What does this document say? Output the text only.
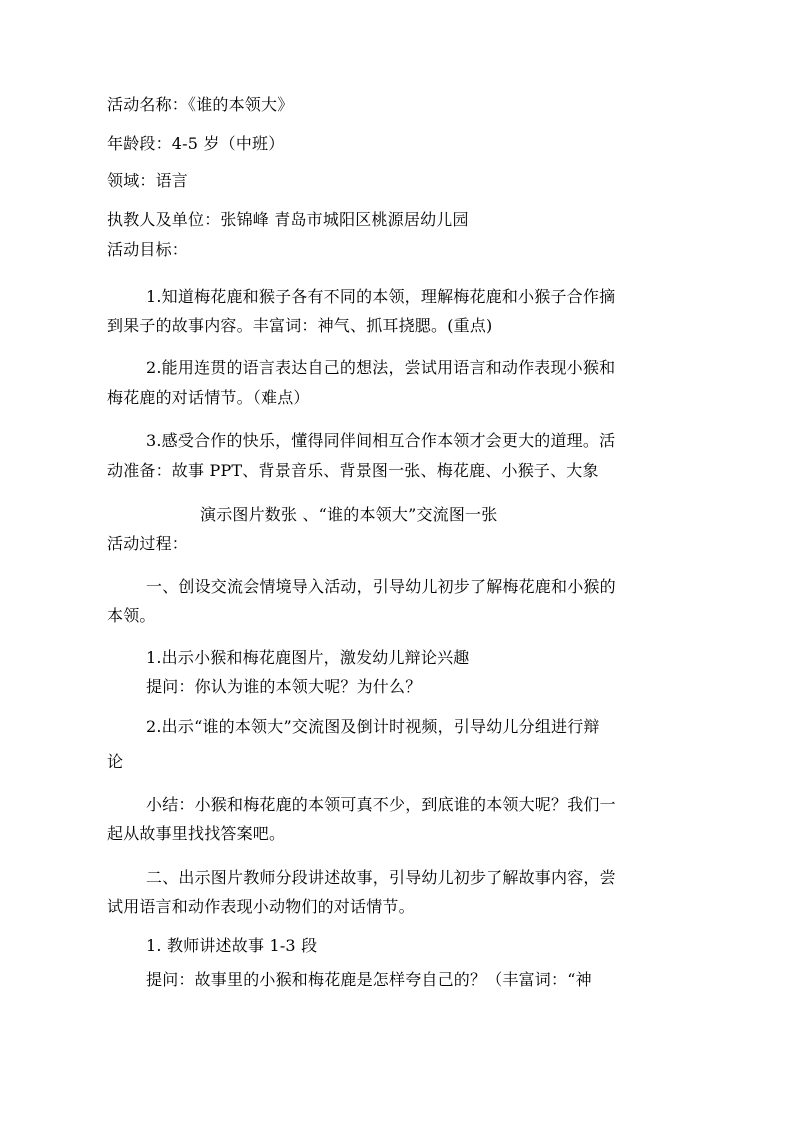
活动名称：《谁的本领大》
年龄段：4-5 岁（中班）
领域：语言
执教人及单位：张锦峰 青岛市城阳区桃源居幼儿园
活动目标：
1.知道梅花鹿和猴子各有不同的本领，理解梅花鹿和小猴子合作摘
到果子的故事内容。丰富词：神气、抓耳挠腮。(重点)
2.能用连贯的语言表达自己的想法，尝试用语言和动作表现小猴和
梅花鹿的对话情节。（难点）
3.感受合作的快乐，懂得同伴间相互合作本领才会更大的道理。活
动准备：故事 PPT、背景音乐、背景图一张、梅花鹿、小猴子、大象
演示图片数张 、“谁的本领大”交流图一张
活动过程：
一、创设交流会情境导入活动，引导幼儿初步了解梅花鹿和小猴的
本领。
1.出示小猴和梅花鹿图片，激发幼儿辩论兴趣
提问：你认为谁的本领大呢？为什么？
2.出示“谁的本领大”交流图及倒计时视频，引导幼儿分组进行辩
论
小结：小猴和梅花鹿的本领可真不少，到底谁的本领大呢？我们一
起从故事里找找答案吧。
二、出示图片教师分段讲述故事，引导幼儿初步了解故事内容，尝
试用语言和动作表现小动物们的对话情节。
1. 教师讲述故事 1-3 段
提问：故事里的小猴和梅花鹿是怎样夸自己的？（丰富词：“神
